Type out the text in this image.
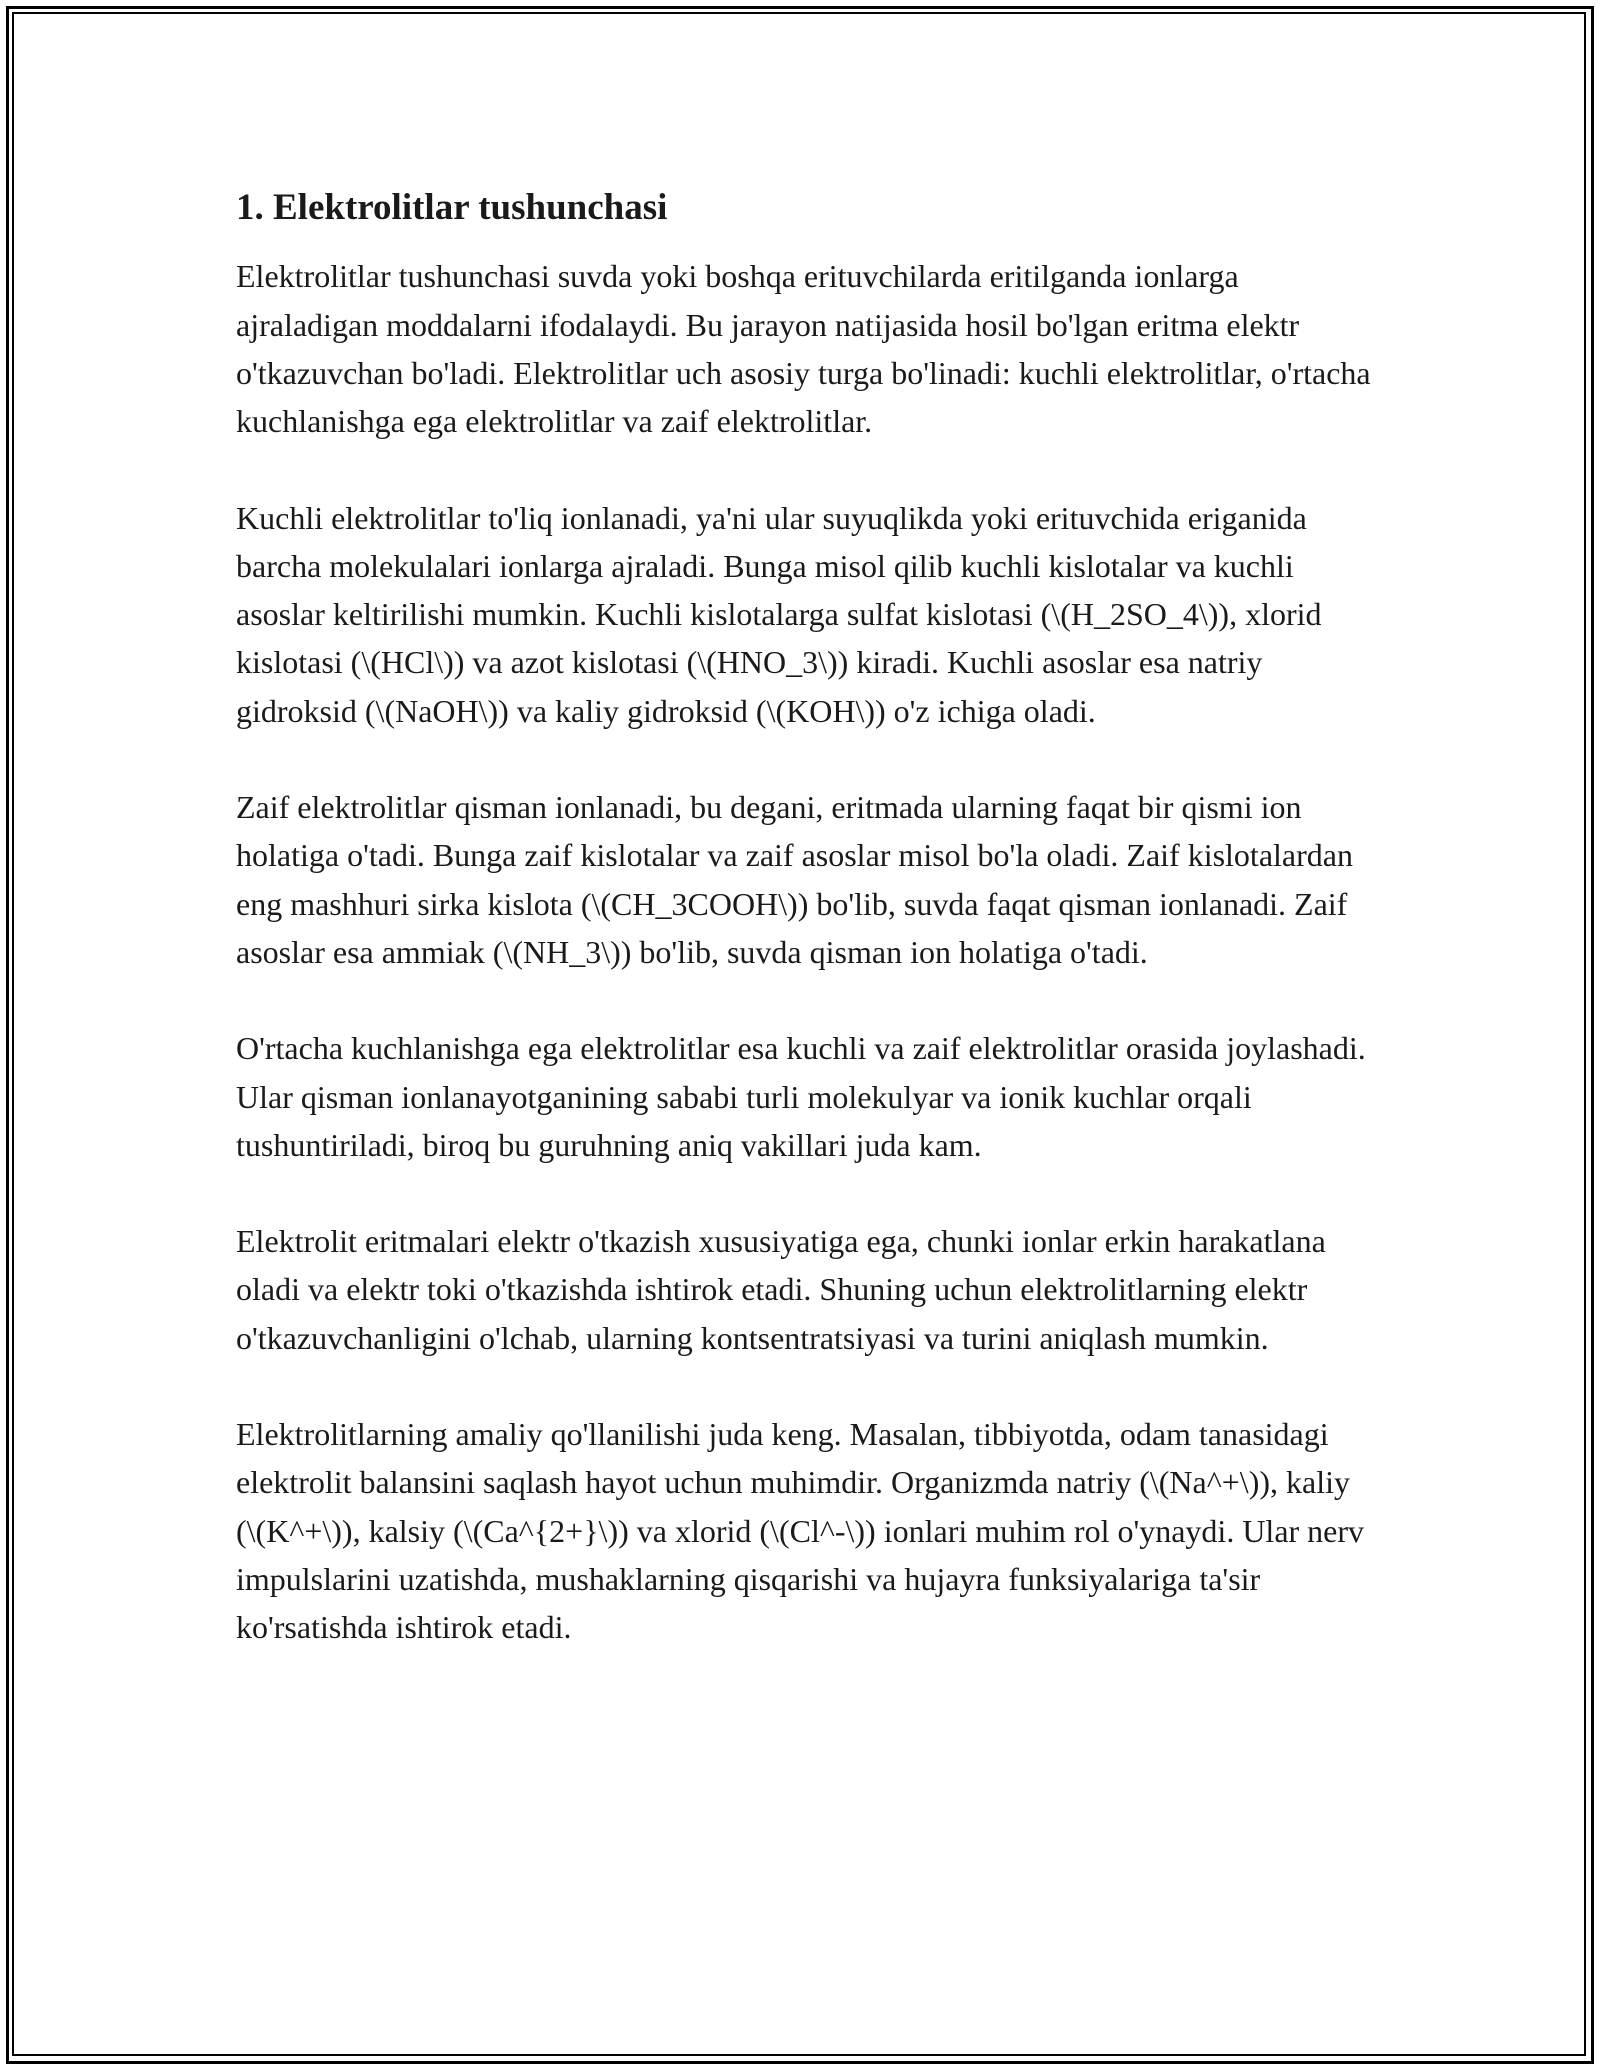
1. Elektrolitlar tushunchasi

Elektrolitlar tushunchasi suvda yoki boshqa erituvchilarda eritilganda ionlarga ajraladigan moddalarni ifodalaydi. Bu jarayon natijasida hosil bo'lgan eritma elektr o'tkazuvchan bo'ladi. Elektrolitlar uch asosiy turga bo'linadi: kuchli elektrolitlar, o'rtacha kuchlanishga ega elektrolitlar va zaif elektrolitlar.

Kuchli elektrolitlar to'liq ionlanadi, ya'ni ular suyuqlikda yoki erituvchida eriganida barcha molekulalari ionlarga ajraladi. Bunga misol qilib kuchli kislotalar va kuchli asoslar keltirilishi mumkin. Kuchli kislotalarga sulfat kislotasi (\(H_2SO_4\)), xlorid kislotasi (\(HCl\)) va azot kislotasi (\(HNO_3\)) kiradi. Kuchli asoslar esa natriy gidroksid (\(NaOH\)) va kaliy gidroksid (\(KOH\)) o'z ichiga oladi.

Zaif elektrolitlar qisman ionlanadi, bu degani, eritmada ularning faqat bir qismi ion holatiga o'tadi. Bunga zaif kislotalar va zaif asoslar misol bo'la oladi. Zaif kislotalardan eng mashhuri sirka kislota (\(CH_3COOH\)) bo'lib, suvda faqat qisman ionlanadi. Zaif asoslar esa ammiak (\(NH_3\)) bo'lib, suvda qisman ion holatiga o'tadi.

O'rtacha kuchlanishga ega elektrolitlar esa kuchli va zaif elektrolitlar orasida joylashadi. Ular qisman ionlanayotganining sababi turli molekulyar va ionik kuchlar orqali tushuntiriladi, biroq bu guruhning aniq vakillari juda kam.

Elektrolit eritmalari elektr o'tkazish xususiyatiga ega, chunki ionlar erkin harakatlana oladi va elektr toki o'tkazishda ishtirok etadi. Shuning uchun elektrolitlarning elektr o'tkazuvchanligini o'lchab, ularning kontsentratsiyasi va turini aniqlash mumkin.

Elektrolitlarning amaliy qo'llanilishi juda keng. Masalan, tibbiyotda, odam tanasidagi elektrolit balansini saqlash hayot uchun muhimdir. Organizmda natriy (\(Na^+\)), kaliy (\(K^+\)), kalsiy (\(Ca^{2+}\)) va xlorid (\(Cl^-\)) ionlari muhim rol o'ynaydi. Ular nerv impulslarini uzatishda, mushaklarning qisqarishi va hujayra funksiyalariga ta'sir ko'rsatishda ishtirok etadi.
